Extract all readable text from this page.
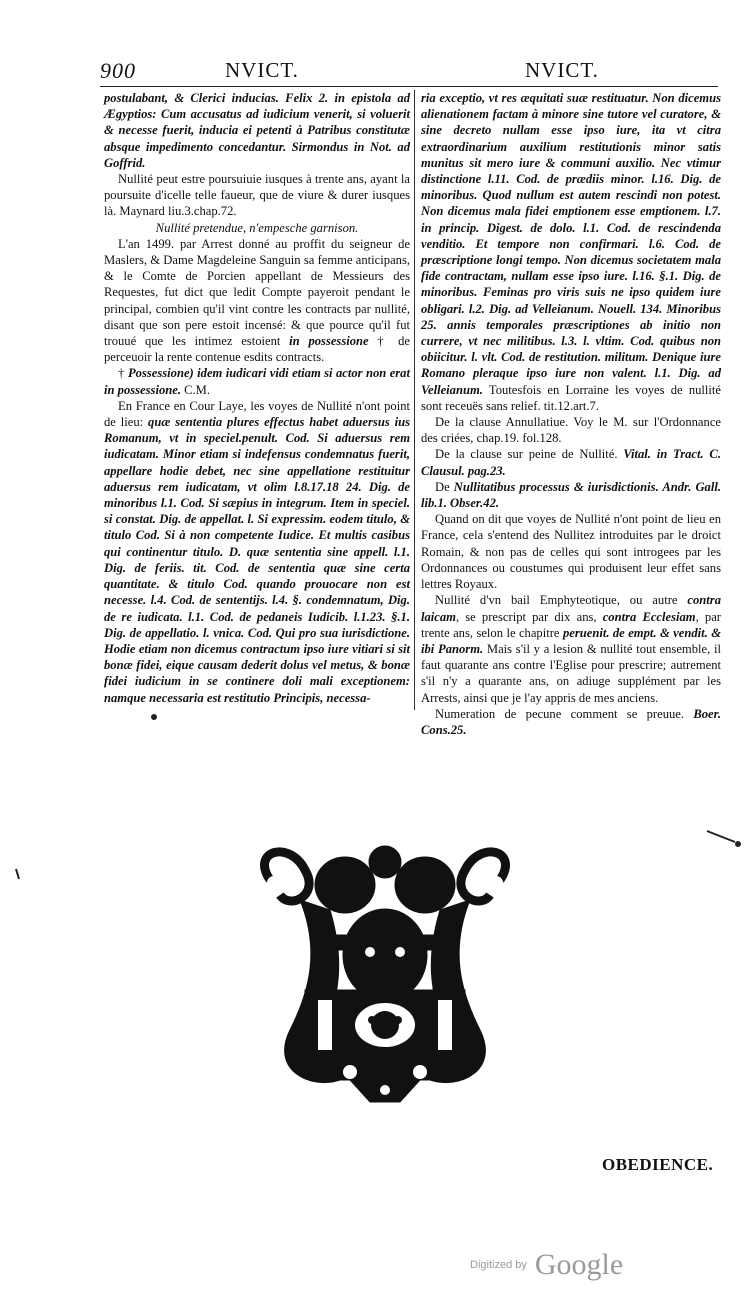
900	NVICT.	NVICT.

postulabant, & Clerici inducias. Felix 2. in epistola ad Ægyptios: Cum accusatus ad iudicium venerit, si voluerit & necesse fuerit, inducia ei petenti à Patribus constitutæ absque impedimento concedantur. Sirmondus in Not. ad Goffrid.

Nullité peut estre poursuiuie iusques à trente ans, ayant la poursuite d'icelle telle faueur, que de viure & durer iusques là. Maynard liu.3.chap.72.

Nullité pretendue, n'empesche garnison.

L'an 1499. par Arrest donné au proffit du seigneur de Maslers, & Dame Magdeleine Sanguin sa femme anticipans, & le Comte de Porcien appellant de Messieurs des Requestes, fut dict que ledit Compte payeroit pendant le principal, combien qu'il vint contre les contracts par nullité, disant que son pere estoit incensé: & que pource qu'il fut trouué que les intimez estoient in possessione † de perceuoir la rente contenue esdits contracts.

† Possessione) idem iudicari vidi etiam si actor non erat in possessione. C.M.

En France en Cour Laye, les voyes de Nullité n'ont point de lieu: quæ sententia plures effectus habet aduersus ius Romanum, vt in speciel.penult. Cod. Si aduersus rem iudicatam. Minor etiam si indefensus condemnatus fuerit, appellare hodie debet, nec sine appellatione restituitur aduersus rem iudicatam, vt olim l.8.17.18 24. Dig. de minoribus l.1. Cod. Si sæpius in integrum. Item in speciel. si constat. Dig. de appellat. l. Si expressim. eodem titulo, & titulo Cod. Si à non competente Iudice. Et multis casibus qui continentur titulo. D. quæ sententia sine appell. l.1. Dig. de feriis. tit. Cod. de sententia quæ sine certa quantitate. & titulo Cod. quando prouocare non est necesse. l.4. Cod. de sententijs. l.4. §. condemnatum, Dig. de re iudicata. l.1. Cod. de pedaneis Iudicib. l.1.23. §.1. Dig. de appellatio. l. vnica. Cod. Qui pro sua iurisdictione. Hodie etiam non dicemus contractum ipso iure vitiari si sit bonæ fidei, eique causam dederit dolus vel metus, & bonæ fidei iudicium in se continere doli mali exceptionem: namque necessaria est restitutio Principis, necessa-

ria exceptio, vt res æquitati suæ restituatur. Non dicemus alienationem factam à minore sine tutore vel curatore, & sine decreto nullam esse ipso iure, ita vt citra extraordinarium auxilium restitutionis minor satis munitus sit mero iure & communi auxilio. Nec vtimur distinctione l.11. Cod. de prædiis minor. l.16. Dig. de minoribus. Quod nullum est autem rescindi non potest. Non dicemus mala fidei emptionem esse emptionem. l.7. in princip. Digest. de dolo. l.1. Cod. de rescindenda venditio. Et tempore non confirmari. l.6. Cod. de præscriptione longi tempo. Non dicemus societatem mala fide contractam, nullam esse ipso iure. l.16. §.1. Dig. de minoribus. Feminas pro viris suis ne ipso quidem iure obligari. l.2. Dig. ad Velleianum. Nouell. 134. Minoribus 25. annis temporales præscriptiones ab initio non currere, vt nec militibus. l.3. l. vltim. Cod. quibus non obiicitur. l. vlt. Cod. de restitution. militum. Denique iure Romano pleraque ipso iure non valent. l.1. Dig. ad Velleianum. Toutesfois en Lorraine les voyes de nullité sont receuës sans relief. tit.12.art.7.

De la clause Annullatiue. Voy le M. sur l'Ordonnance des criées, chap.19. fol.128.

De la clause sur peine de Nullité. Vital. in Tract. C. Clausul. pag.23.

De Nullitatibus processus & iurisdictionis. Andr. Gall. lib.1. Obser.42.

Quand on dit que voyes de Nullité n'ont point de lieu en France, cela s'entend des Nullitez introduites par le droict Romain, & non pas de celles qui sont introgees par les Ordonnances ou coustumes qui produisent leur effet sans lettres Royaux.

Nullité d'vn bail Emphyteotique, ou autre contra laicam, se prescript par dix ans, contra Ecclesiam, par trente ans, selon le chapitre peruenit. de empt. & vendit. & ibi Panorm. Mais s'il y a lesion & nullité tout ensemble, il faut quarante ans contre l'Eglise pour prescrire; autrement s'il n'y a quarante ans, on adiuge supplément par les Arrests, ainsi que je l'ay appris de mes anciens.

Numeration de pecune comment se preuue. Boer. Cons.25.

OBEDIENCE.
Digitized by Google
